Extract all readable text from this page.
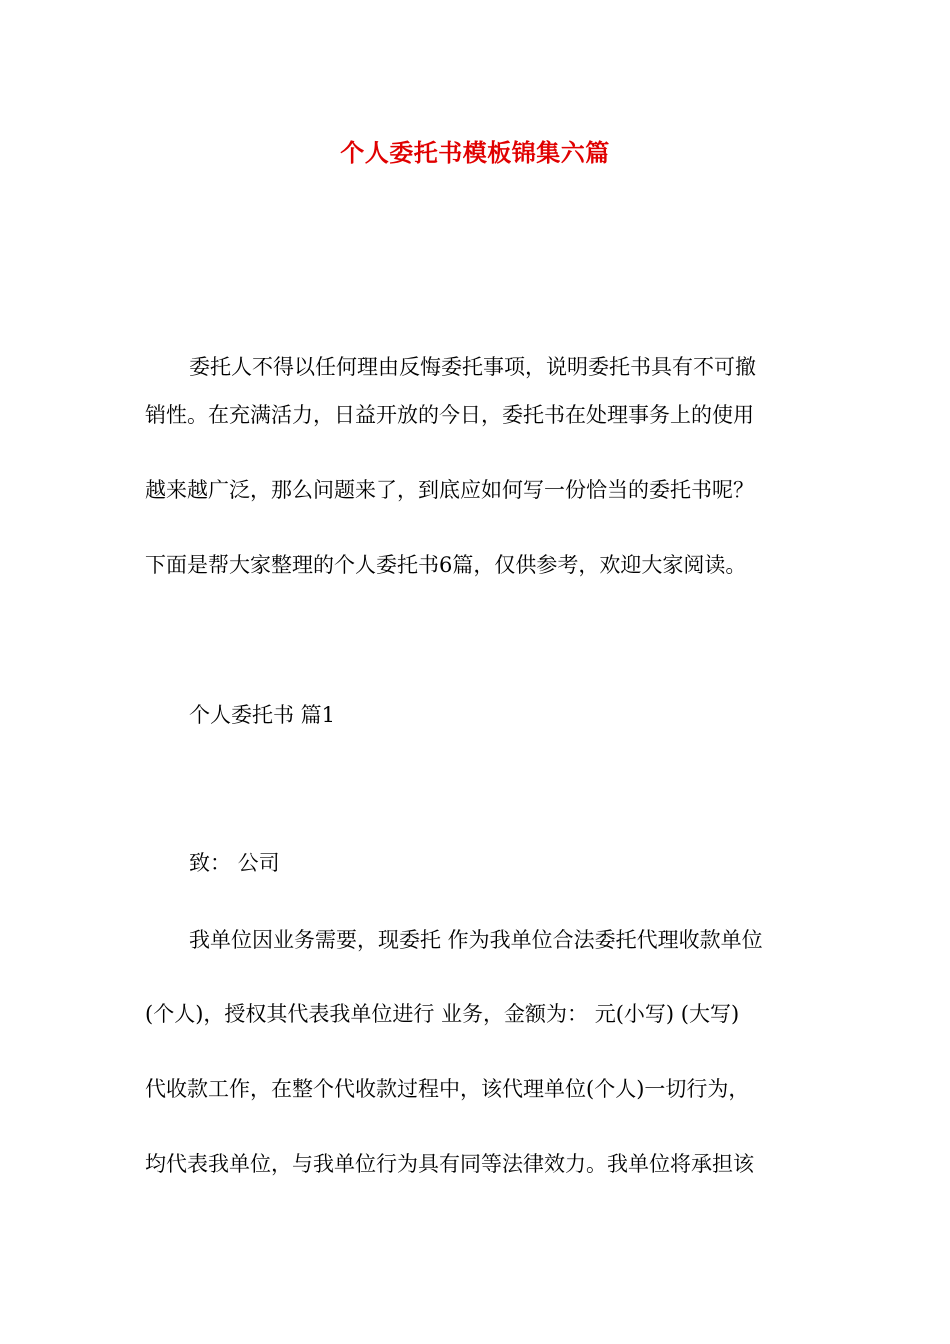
个人委托书模板锦集六篇
委托人不得以任何理由反悔委托事项，说明委托书具有不可撤
销性。在充满活力，日益开放的今日，委托书在处理事务上的使用
越来越广泛，那么问题来了，到底应如何写一份恰当的委托书呢？
下面是帮大家整理的个人委托书6篇，仅供参考，欢迎大家阅读。
个人委托书 篇1
致： 公司
我单位因业务需要，现委托 作为我单位合法委托代理收款单位
(个人)，授权其代表我单位进行 业务，金额为： 元(小写) (大写)
代收款工作，在整个代收款过程中，该代理单位(个人)一切行为，
均代表我单位，与我单位行为具有同等法律效力。我单位将承担该
